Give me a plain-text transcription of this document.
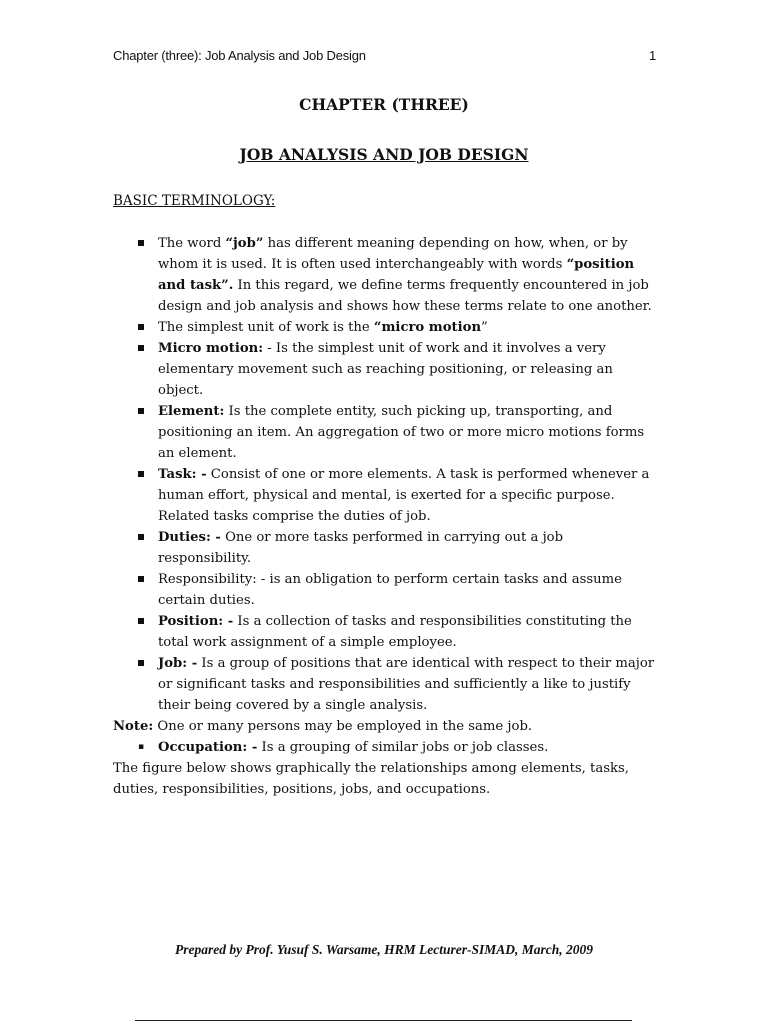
Chapter (three): Job Analysis and Job Design	1
CHAPTER (THREE)
JOB ANALYSIS AND JOB DESIGN
BASIC TERMINOLOGY:
The word “job” has different meaning depending on how, when, or by whom it is used. It is often used interchangeably with words “position and task”. In this regard, we define terms frequently encountered in job design and job analysis and shows how these terms relate to one another.
The simplest unit of work is the “micro motion”
Micro motion: - Is the simplest unit of work and it involves a very elementary movement such as reaching positioning, or releasing an object.
Element: Is the complete entity, such picking up, transporting, and positioning an item. An aggregation of two or more micro motions forms an element.
Task: - Consist of one or more elements. A task is performed whenever a human effort, physical and mental, is exerted for a specific purpose. Related tasks comprise the duties of job.
Duties: - One or more tasks performed in carrying out a job responsibility.
Responsibility: - is an obligation to perform certain tasks and assume certain duties.
Position: - Is a collection of tasks and responsibilities constituting the total work assignment of a simple employee.
Job: - Is a group of positions that are identical with respect to their major or significant tasks and responsibilities and sufficiently a like to justify their being covered by a single analysis.
Note: One or many persons may be employed in the same job.
▪ Occupation: - Is a grouping of similar jobs or job classes.
The figure below shows graphically the relationships among elements, tasks, duties, responsibilities, positions, jobs, and occupations.
Prepared by Prof. Yusuf S. Warsame, HRM Lecturer-SIMAD, March, 2009
